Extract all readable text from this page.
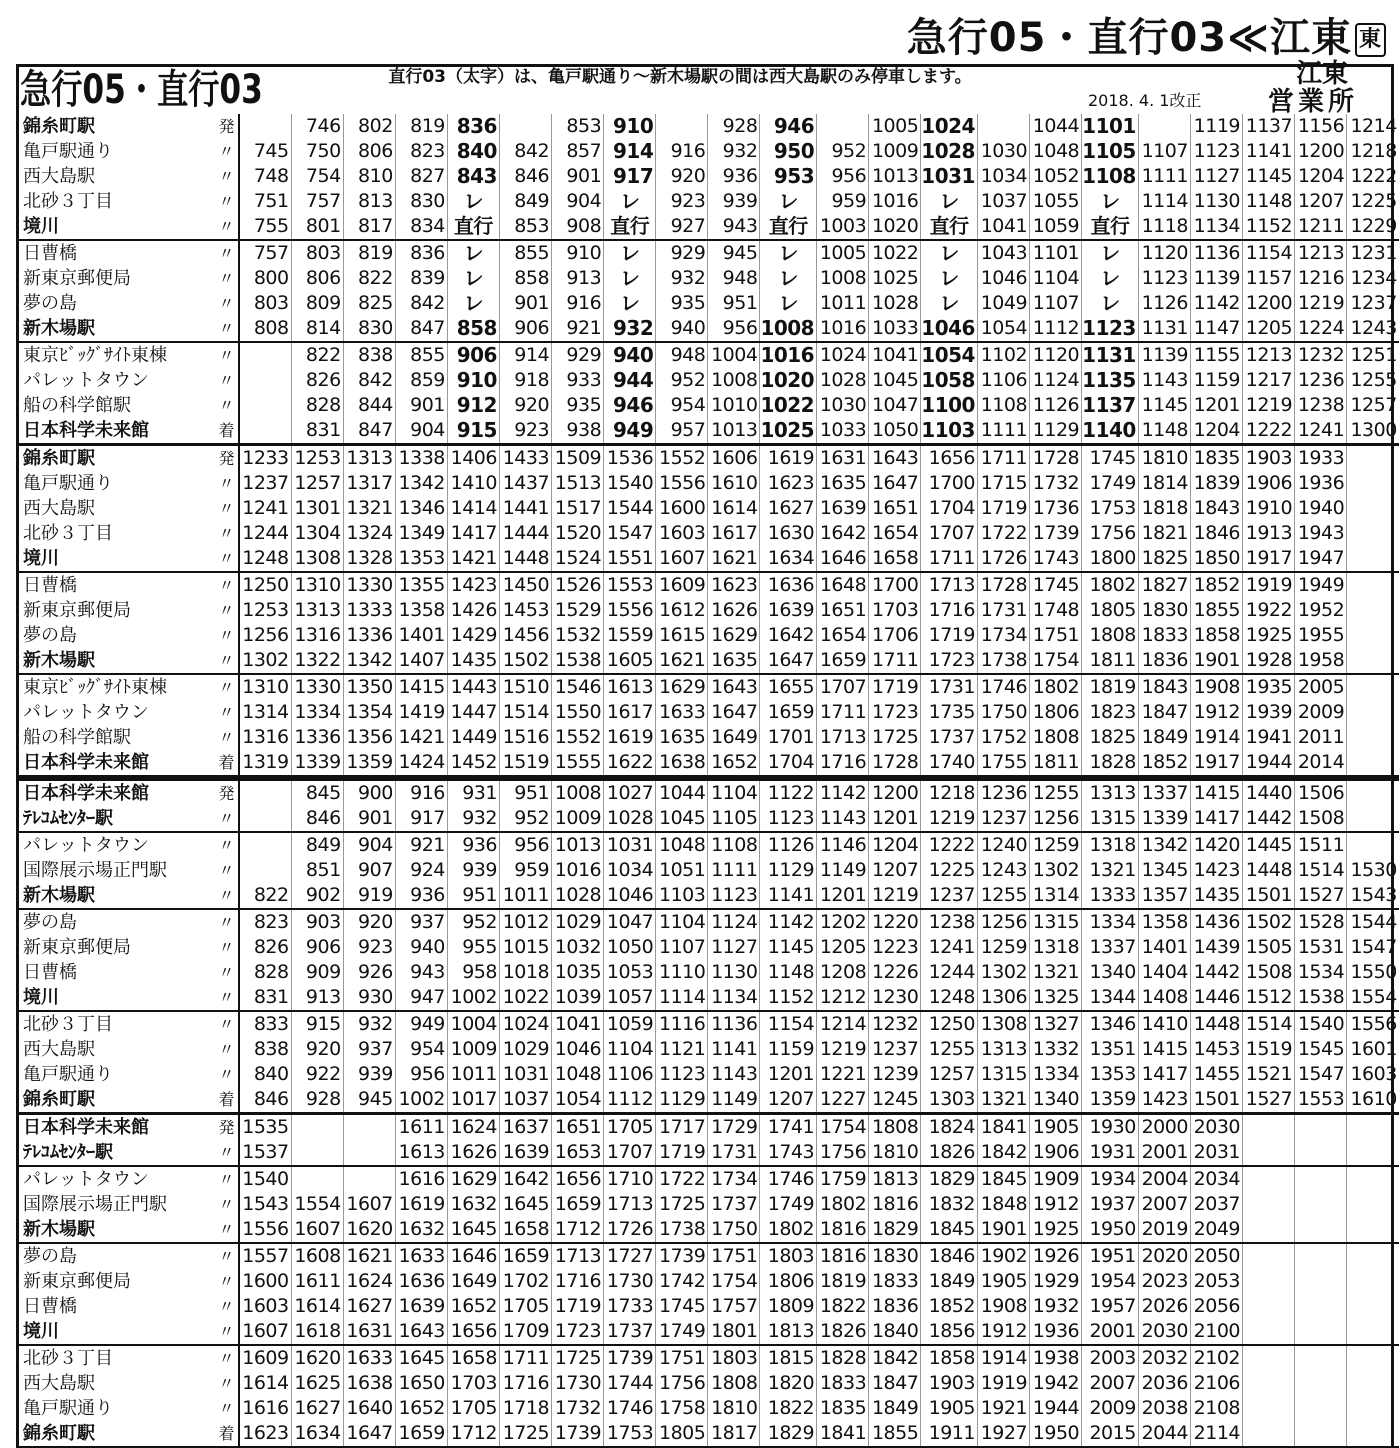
急行05・直行03≪江東 東
急行05・直行03	直行03（太字）は、亀戸駅通り～新木場駅の間は西大島駅のみ停車します。
2018. 4. 1改正
江東
営業所
錦糸町駅	発		746	802	819	836		853	910		928	946		1005	1024		1044	1101		1119	1137	1156	1214
亀戸駅通り	〃	745	750	806	823	840	842	857	914	916	932	950	952	1009	1028	1030	1048	1105	1107	1123	1141	1200	1218
西大島駅	〃	748	754	810	827	843	846	901	917	920	936	953	956	1013	1031	1034	1052	1108	1111	1127	1145	1204	1222
北砂３丁目	〃	751	757	813	830	レ	849	904	レ	923	939	レ	959	1016	レ	1037	1055	レ	1114	1130	1148	1207	1225
境川	〃	755	801	817	834	直行	853	908	直行	927	943	直行	1003	1020	直行	1041	1059	直行	1118	1134	1152	1211	1229
日曹橋	〃	757	803	819	836	レ	855	910	レ	929	945	レ	1005	1022	レ	1043	1101	レ	1120	1136	1154	1213	1231
新東京郵便局	〃	800	806	822	839	レ	858	913	レ	932	948	レ	1008	1025	レ	1046	1104	レ	1123	1139	1157	1216	1234
夢の島	〃	803	809	825	842	レ	901	916	レ	935	951	レ	1011	1028	レ	1049	1107	レ	1126	1142	1200	1219	1237
新木場駅	〃	808	814	830	847	858	906	921	932	940	956	1008	1016	1033	1046	1054	1112	1123	1131	1147	1205	1224	1243
東京ﾋﾞｯｸﾞｻｲﾄ東棟	〃		822	838	855	906	914	929	940	948	1004	1016	1024	1041	1054	1102	1120	1131	1139	1155	1213	1232	1251
パレットタウン	〃		826	842	859	910	918	933	944	952	1008	1020	1028	1045	1058	1106	1124	1135	1143	1159	1217	1236	1255
船の科学館駅	〃		828	844	901	912	920	935	946	954	1010	1022	1030	1047	1100	1108	1126	1137	1145	1201	1219	1238	1257
日本科学未来館	着		831	847	904	915	923	938	949	957	1013	1025	1033	1050	1103	1111	1129	1140	1148	1204	1222	1241	1300
錦糸町駅	発	1233	1253	1313	1338	1406	1433	1509	1536	1552	1606	1619	1631	1643	1656	1711	1728	1745	1810	1835	1903	1933	
亀戸駅通り	〃	1237	1257	1317	1342	1410	1437	1513	1540	1556	1610	1623	1635	1647	1700	1715	1732	1749	1814	1839	1906	1936	
西大島駅	〃	1241	1301	1321	1346	1414	1441	1517	1544	1600	1614	1627	1639	1651	1704	1719	1736	1753	1818	1843	1910	1940	
北砂３丁目	〃	1244	1304	1324	1349	1417	1444	1520	1547	1603	1617	1630	1642	1654	1707	1722	1739	1756	1821	1846	1913	1943	
境川	〃	1248	1308	1328	1353	1421	1448	1524	1551	1607	1621	1634	1646	1658	1711	1726	1743	1800	1825	1850	1917	1947	
日曹橋	〃	1250	1310	1330	1355	1423	1450	1526	1553	1609	1623	1636	1648	1700	1713	1728	1745	1802	1827	1852	1919	1949	
新東京郵便局	〃	1253	1313	1333	1358	1426	1453	1529	1556	1612	1626	1639	1651	1703	1716	1731	1748	1805	1830	1855	1922	1952	
夢の島	〃	1256	1316	1336	1401	1429	1456	1532	1559	1615	1629	1642	1654	1706	1719	1734	1751	1808	1833	1858	1925	1955	
新木場駅	〃	1302	1322	1342	1407	1435	1502	1538	1605	1621	1635	1647	1659	1711	1723	1738	1754	1811	1836	1901	1928	1958	
東京ﾋﾞｯｸﾞｻｲﾄ東棟	〃	1310	1330	1350	1415	1443	1510	1546	1613	1629	1643	1655	1707	1719	1731	1746	1802	1819	1843	1908	1935	2005	
パレットタウン	〃	1314	1334	1354	1419	1447	1514	1550	1617	1633	1647	1659	1711	1723	1735	1750	1806	1823	1847	1912	1939	2009	
船の科学館駅	〃	1316	1336	1356	1421	1449	1516	1552	1619	1635	1649	1701	1713	1725	1737	1752	1808	1825	1849	1914	1941	2011	
日本科学未来館	着	1319	1339	1359	1424	1452	1519	1555	1622	1638	1652	1704	1716	1728	1740	1755	1811	1828	1852	1917	1944	2014	
日本科学未来館	発		845	900	916	931	951	1008	1027	1044	1104	1122	1142	1200	1218	1236	1255	1313	1337	1415	1440	1506	
ﾃﾚｺﾑｾﾝﾀｰ駅	〃		846	901	917	932	952	1009	1028	1045	1105	1123	1143	1201	1219	1237	1256	1315	1339	1417	1442	1508	
パレットタウン	〃		849	904	921	936	956	1013	1031	1048	1108	1126	1146	1204	1222	1240	1259	1318	1342	1420	1445	1511	
国際展示場正門駅	〃		851	907	924	939	959	1016	1034	1051	1111	1129	1149	1207	1225	1243	1302	1321	1345	1423	1448	1514	1530
新木場駅	〃	822	902	919	936	951	1011	1028	1046	1103	1123	1141	1201	1219	1237	1255	1314	1333	1357	1435	1501	1527	1543
夢の島	〃	823	903	920	937	952	1012	1029	1047	1104	1124	1142	1202	1220	1238	1256	1315	1334	1358	1436	1502	1528	1544
新東京郵便局	〃	826	906	923	940	955	1015	1032	1050	1107	1127	1145	1205	1223	1241	1259	1318	1337	1401	1439	1505	1531	1547
日曹橋	〃	828	909	926	943	958	1018	1035	1053	1110	1130	1148	1208	1226	1244	1302	1321	1340	1404	1442	1508	1534	1550
境川	〃	831	913	930	947	1002	1022	1039	1057	1114	1134	1152	1212	1230	1248	1306	1325	1344	1408	1446	1512	1538	1554
北砂３丁目	〃	833	915	932	949	1004	1024	1041	1059	1116	1136	1154	1214	1232	1250	1308	1327	1346	1410	1448	1514	1540	1556
西大島駅	〃	838	920	937	954	1009	1029	1046	1104	1121	1141	1159	1219	1237	1255	1313	1332	1351	1415	1453	1519	1545	1601
亀戸駅通り	〃	840	922	939	956	1011	1031	1048	1106	1123	1143	1201	1221	1239	1257	1315	1334	1353	1417	1455	1521	1547	1603
錦糸町駅	着	846	928	945	1002	1017	1037	1054	1112	1129	1149	1207	1227	1245	1303	1321	1340	1359	1423	1501	1527	1553	1610
日本科学未来館	発	1535			1611	1624	1637	1651	1705	1717	1729	1741	1754	1808	1824	1841	1905	1930	2000	2030			
ﾃﾚｺﾑｾﾝﾀｰ駅	〃	1537			1613	1626	1639	1653	1707	1719	1731	1743	1756	1810	1826	1842	1906	1931	2001	2031			
パレットタウン	〃	1540			1616	1629	1642	1656	1710	1722	1734	1746	1759	1813	1829	1845	1909	1934	2004	2034			
国際展示場正門駅	〃	1543	1554	1607	1619	1632	1645	1659	1713	1725	1737	1749	1802	1816	1832	1848	1912	1937	2007	2037			
新木場駅	〃	1556	1607	1620	1632	1645	1658	1712	1726	1738	1750	1802	1816	1829	1845	1901	1925	1950	2019	2049			
夢の島	〃	1557	1608	1621	1633	1646	1659	1713	1727	1739	1751	1803	1816	1830	1846	1902	1926	1951	2020	2050			
新東京郵便局	〃	1600	1611	1624	1636	1649	1702	1716	1730	1742	1754	1806	1819	1833	1849	1905	1929	1954	2023	2053			
日曹橋	〃	1603	1614	1627	1639	1652	1705	1719	1733	1745	1757	1809	1822	1836	1852	1908	1932	1957	2026	2056			
境川	〃	1607	1618	1631	1643	1656	1709	1723	1737	1749	1801	1813	1826	1840	1856	1912	1936	2001	2030	2100			
北砂３丁目	〃	1609	1620	1633	1645	1658	1711	1725	1739	1751	1803	1815	1828	1842	1858	1914	1938	2003	2032	2102			
西大島駅	〃	1614	1625	1638	1650	1703	1716	1730	1744	1756	1808	1820	1833	1847	1903	1919	1942	2007	2036	2106			
亀戸駅通り	〃	1616	1627	1640	1652	1705	1718	1732	1746	1758	1810	1822	1835	1849	1905	1921	1944	2009	2038	2108			
錦糸町駅	着	1623	1634	1647	1659	1712	1725	1739	1753	1805	1817	1829	1841	1855	1911	1927	1950	2015	2044	2114			
